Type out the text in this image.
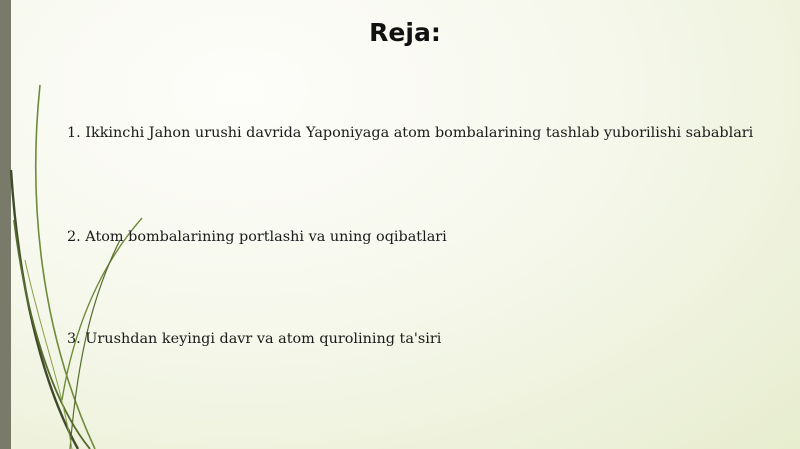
Reja:
1. Ikkinchi Jahon urushi davrida Yaponiyaga atom bombalarining tashlab yuborilishi sabablari
2. Atom bombalarining portlashi va uning oqibatlari
3. Urushdan keyingi davr va atom qurolining ta'siri
